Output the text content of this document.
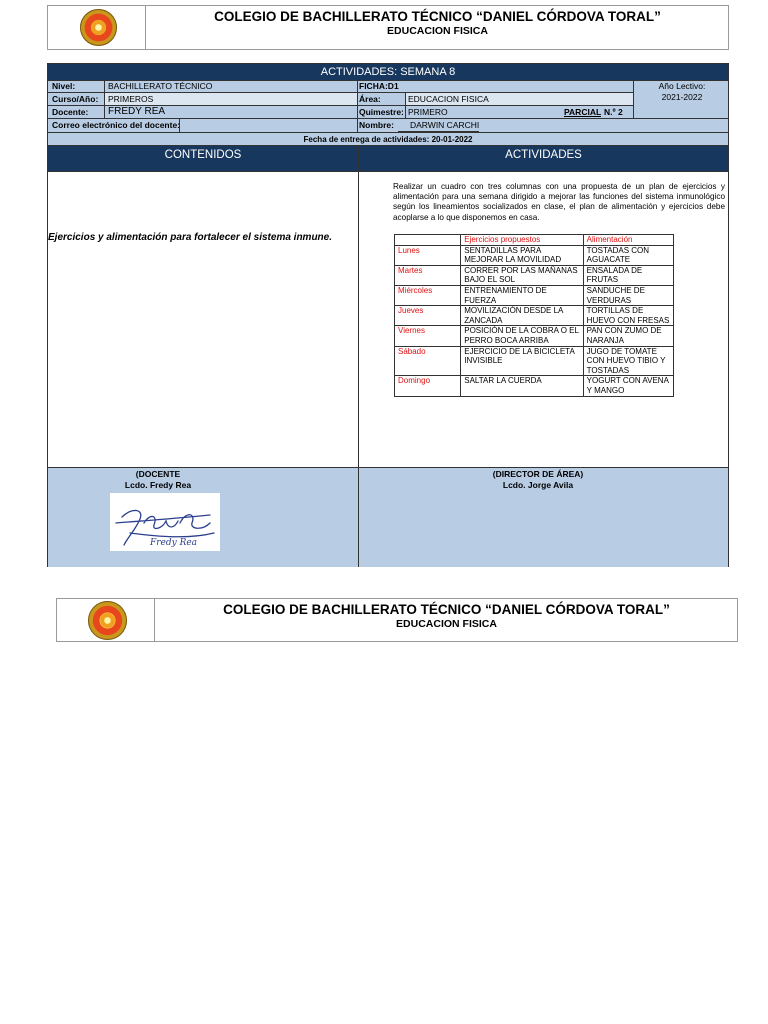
COLEGIO DE BACHILLERATO TÉCNICO “DANIEL CÓRDOVA TORAL”
EDUCACION FISICA
ACTIVIDADES: SEMANA 8
Nivel:	BACHILLERATO TÉCNICO
Curso/Año: PRIMEROS
Docente: FREDY REA
Correo electrónico del docente:
FICHA:D1
Área:	EDUCACION FISICA
Quimestre: PRIMERO	PARCIAL N.º 2
Nombre:	DARWIN CARCHI
Año Lectivo:
2021-2022
Fecha de entrega de actividades: 20-01-2022
CONTENIDOS	ACTIVIDADES
Ejercicios y alimentación para fortalecer el sistema inmune.
Realizar un cuadro con tres columnas con una propuesta de un plan de ejercicios y alimentación para una semana dirigido a mejorar las funciones del sistema inmunológico según los lineamientos socializados en clase, el plan de alimentación y ejercicios debe acoplarse a lo que disponemos en casa.
	Ejercicios propuestos	Alimentación
Lunes	SENTADILLAS PARA MEJORAR LA MOVILIDAD	TOSTADAS CON AGUACATE
Martes	CORRER POR LAS MAÑANAS BAJO EL SOL	ENSALADA DE FRUTAS
Miércoles	ENTRENAMIENTO DE FUERZA	SANDUCHE DE VERDURAS
Jueves	MOVILIZACIÓN DESDE LA ZANCADA	TORTILLAS DE HUEVO CON FRESAS
Viernes	POSICIÓN DE LA COBRA O EL PERRO BOCA ARRIBA	PAN CON ZUMO DE NARANJA
Sábado	EJERCICIO DE LA BICICLETA INVISIBLE	JUGO DE TOMATE CON HUEVO TIBIO Y TOSTADAS
Domingo	SALTAR LA CUERDA	YOGURT CON AVENA Y MANGO
(DOCENTE
Lcdo. Fredy Rea
Fredy Rea
(DIRECTOR DE ÁREA)
Lcdo. Jorge Avila
COLEGIO DE BACHILLERATO TÉCNICO “DANIEL CÓRDOVA TORAL”
EDUCACION FISICA
